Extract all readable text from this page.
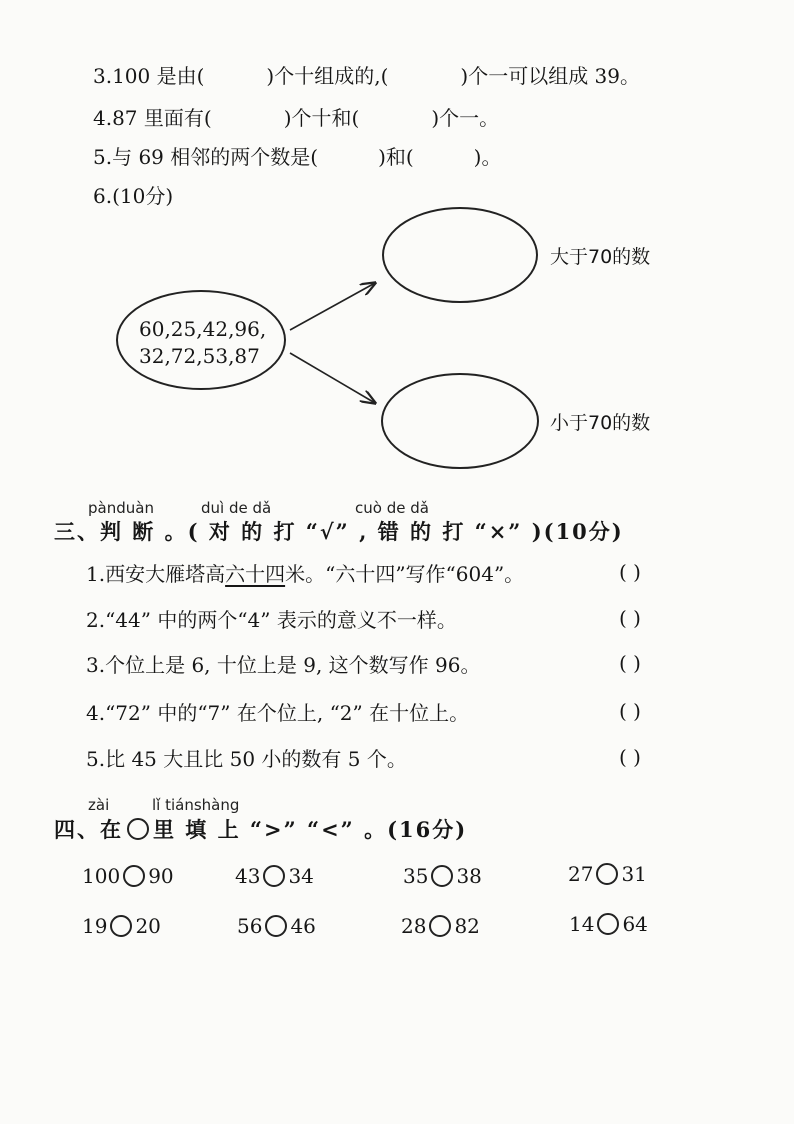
3.100 是由(	)个十组成的,(	)个一可以组成 39。
4.87 里面有(	)个十和(	)个一。
5.与 69 相邻的两个数是(	)和(	)。
6.(10分)
60,25,42,96,
32,72,53,87
大于70的数
小于70的数
pànduàn	duì de dǎ	cuò de dǎ
三、判 断 。( 对 的 打 “√” , 错 的 打 “×” )(10分)
1.西安大雁塔高六十四米。“六十四”写作“604”。	( )
2.“44” 中的两个“4” 表示的意义不一样。	( )
3.个位上是 6, 十位上是 9, 这个数写作 96。	( )
4.“72” 中的“7” 在个位上, “2” 在十位上。	( )
5.比 45 大且比 50 小的数有 5 个。	( )
zài	lǐ tiánshàng
四、在 里 填 上 “>” “<” 。(16分)
100 90	43 34	35 38	27 31
19 20	56 46	28 82	14 64
